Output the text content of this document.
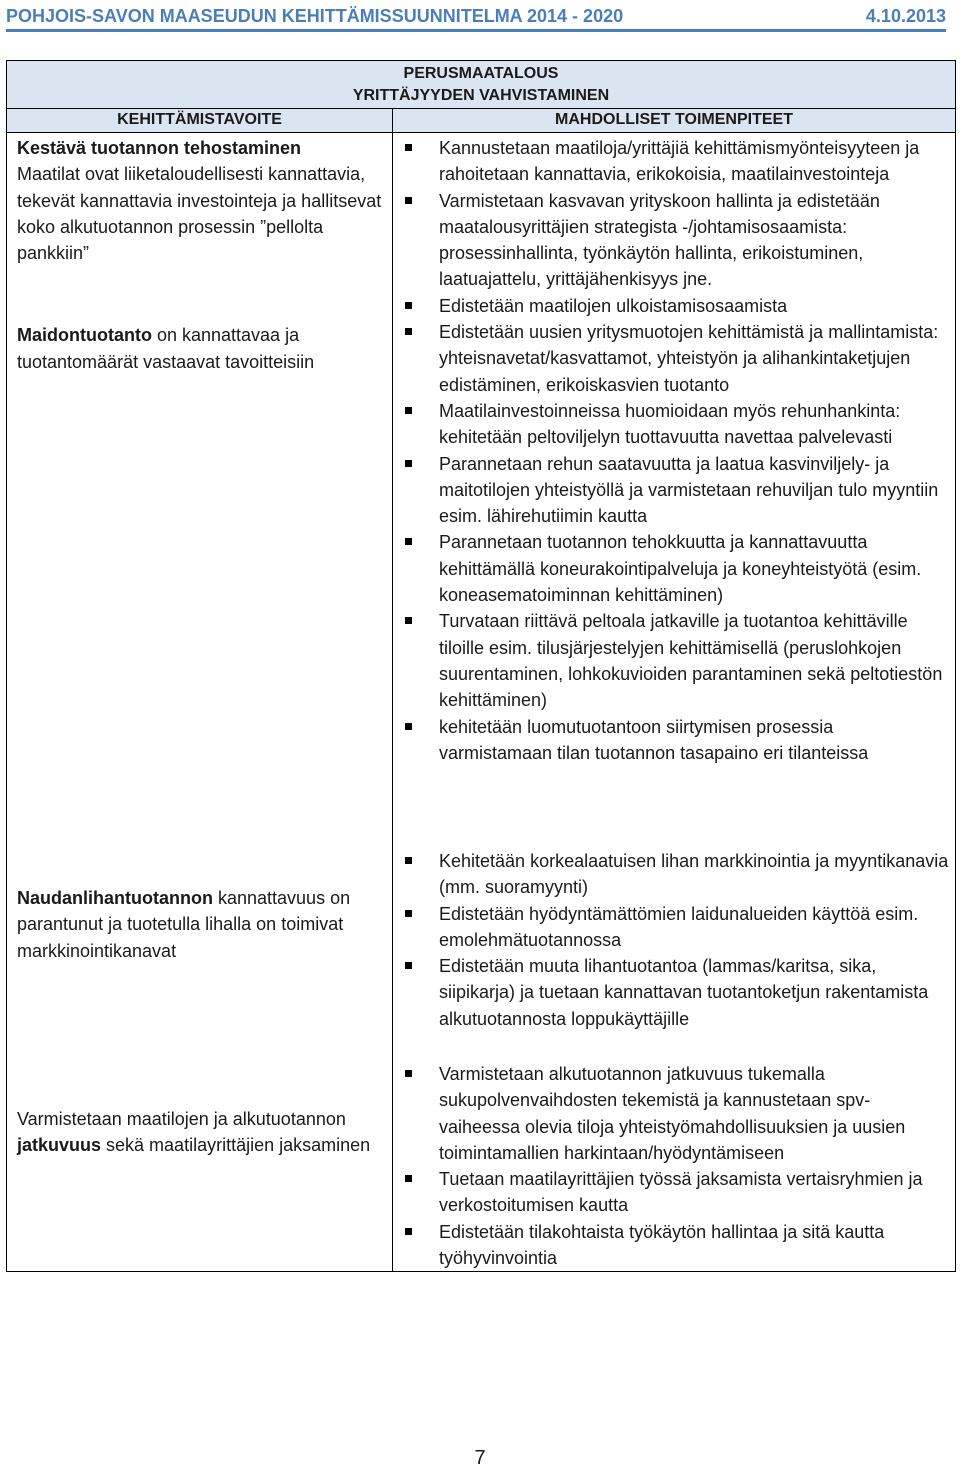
POHJOIS-SAVON MAASEUDUN KEHITTÄMISSUUNNITELMA 2014 - 2020	4.10.2013
PERUSMAATALOUS
YRITTÄJYYDEN VAHVISTAMINEN
KEHITTÄMISTAVOITE	MAHDOLLISET TOIMENPITEET

Kestävä tuotannon tehostaminen
Maatilat ovat liiketaloudellisesti kannattavia, tekevät kannattavia investointeja ja hallitsevat koko alkutuotannon prosessin ”pellolta pankkiin”

Maidontuotanto on kannattavaa ja tuotantomäärät vastaavat tavoitteisiin

Kannustetaan maatiloja/yrittäjiä kehittämismyönteisyyteen ja rahoitetaan kannattavia, erikokoisia, maatilainvestointeja
Varmistetaan kasvavan yrityskoon hallinta ja edistetään maatalousyrittäjien strategista -/johtamisosaamista: prosessinhallinta, työnkäytön hallinta, erikoistuminen, laatuajattelu, yrittäjähenkisyys jne.
Edistetään maatilojen ulkoistamisosaamista
Edistetään uusien yritysmuotojen kehittämistä ja mallintamista: yhteisnavetat/kasvattamot, yhteistyön ja alihankintaketjujen edistäminen, erikoiskasvien tuotanto
Maatilainvestoinneissa huomioidaan myös rehunhankinta: kehitetään peltoviljelyn tuottavuutta navettaa palvelevasti
Parannetaan rehun saatavuutta ja laatua kasvinviljely- ja maitotilojen yhteistyöllä ja varmistetaan rehuviljan tulo myyntiin esim. lähirehutiimin kautta
Parannetaan tuotannon tehokkuutta ja kannattavuutta kehittämällä koneurakointipalveluja ja koneyhteistyötä (esim. koneasematoiminnan kehittäminen)
Turvataan riittävä peltoala jatkaville ja tuotantoa kehittäville tiloille esim. tilusjärjestelyjen kehittämisellä (peruslohkojen suurentaminen, lohkokuvioiden parantaminen sekä peltotiestön kehittäminen)
kehitetään luomutuotantoon siirtymisen prosessia varmistamaan tilan tuotannon tasapaino eri tilanteissa

Naudanlihantuotannon kannattavuus on parantunut ja tuotetulla lihalla on toimivat markkinointikanavat

Kehitetään korkealaatuisen lihan markkinointia ja myyntikanavia (mm. suoramyynti)
Edistetään hyödyntämättömien laidunalueiden käyttöä esim. emolehmätuotannossa
Edistetään muuta lihantuotantoa (lammas/karitsa, sika, siipikarja) ja tuetaan kannattavan tuotantoketjun rakentamista alkutuotannosta loppukäyttäjille

Varmistetaan maatilojen ja alkutuotannon jatkuvuus sekä maatilayrittäjien jaksaminen

Varmistetaan alkutuotannon jatkuvuus tukemalla sukupolvenvaihdosten tekemistä ja kannustetaan spv-vaiheessa olevia tiloja yhteistyömahdollisuuksien ja uusien toimintamallien harkintaan/hyödyntämiseen
Tuetaan maatilayrittäjien työssä jaksamista vertaisryhmien ja verkostoitumisen kautta
Edistetään tilakohtaista työkäytön hallintaa ja sitä kautta työhyvinvointia
7
